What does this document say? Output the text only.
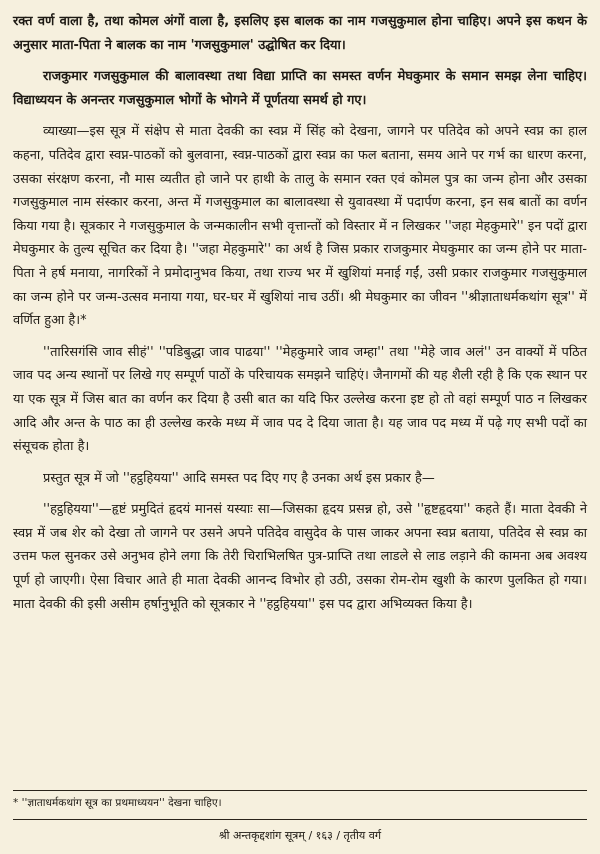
रक्त वर्ण वाला है, तथा कोमल अंगों वाला है, इसलिए इस बालक का नाम गजसुकुमाल होना चाहिए। अपने इस कथन के अनुसार माता-पिता ने बालक का नाम 'गजसुकुमाल' उद्घोषित कर दिया।

राजकुमार गजसुकुमाल की बालावस्था तथा विद्या प्राप्ति का समस्त वर्णन मेघकुमार के समान समझ लेना चाहिए। विद्याध्ययन के अनन्तर गजसुकुमाल भोगों के भोगने में पूर्णतया समर्थ हो गए।

व्याख्या—इस सूत्र में संक्षेप से माता देवकी का स्वप्न में सिंह को देखना, जागने पर पतिदेव को अपने स्वप्न का हाल कहना, पतिदेव द्वारा स्वप्न-पाठकों को बुलवाना, स्वप्न-पाठकों द्वारा स्वप्न का फल बताना, समय आने पर गर्भ का धारण करना, उसका संरक्षण करना, नौ मास व्यतीत हो जाने पर हाथी के तालु के समान रक्त एवं कोमल पुत्र का जन्म होना और उसका गजसुकुमाल नाम संस्कार करना, अन्त में गजसुकुमाल का बालावस्था से युवावस्था में पदार्पण करना, इन सब बातों का वर्णन किया गया है। सूत्रकार ने गजसुकुमाल के जन्मकालीन सभी वृत्तान्तों को विस्तार में न लिखकर ''जहा मेहकुमारे'' इन पदों द्वारा मेघकुमार के तुल्य सूचित कर दिया है। ''जहा मेहकुमारे'' का अर्थ है जिस प्रकार राजकुमार मेघकुमार का जन्म होने पर माता-पिता ने हर्ष मनाया, नागरिकों ने प्रमोदानुभव किया, तथा राज्य भर में खुशियां मनाई गईं, उसी प्रकार राजकुमार गजसुकुमाल का जन्म होने पर जन्म-उत्सव मनाया गया, घर-घर में खुशियां नाच उठीं। श्री मेघकुमार का जीवन ''श्रीज्ञाताधर्मकथांग सूत्र'' में वर्णित हुआ है।*

''तारिसगंसि जाव सीहं'' ''पडिबुद्धा जाव पाढया'' ''मेहकुमारे जाव जम्हा'' तथा ''मेहे जाव अलं'' उन वाक्यों में पठित जाव पद अन्य स्थानों पर लिखे गए सम्पूर्ण पाठों के परिचायक समझने चाहिएं। जैनागमों की यह शैली रही है कि एक स्थान पर या एक सूत्र में जिस बात का वर्णन कर दिया है उसी बात का यदि फिर उल्लेख करना इष्ट हो तो वहां सम्पूर्ण पाठ न लिखकर आदि और अन्त के पाठ का ही उल्लेख करके मध्य में जाव पद दे दिया जाता है। यह जाव पद मध्य में पढ़े गए सभी पदों का संसूचक होता है।

प्रस्तुत सूत्र में जो ''हट्ठहियया'' आदि समस्त पद दिए गए है उनका अर्थ इस प्रकार है—

''हट्ठहियया''—हृष्टं प्रमुदितं हृदयं मानसं यस्याः सा—जिसका हृदय प्रसन्न हो, उसे ''हृष्टहृदया'' कहते हैं। माता देवकी ने स्वप्न में जब शेर को देखा तो जागने पर उसने अपने पतिदेव वासुदेव के पास जाकर अपना स्वप्न बताया, पतिदेव से स्वप्न का उत्तम फल सुनकर उसे अनुभव होने लगा कि तेरी चिराभिलषित पुत्र-प्राप्ति तथा लाडले से लाड लड़ाने की कामना अब अवश्य पूर्ण हो जाएगी। ऐसा विचार आते ही माता देवकी आनन्द विभोर हो उठी, उसका रोम-रोम खुशी के कारण पुलकित हो गया। माता देवकी की इसी असीम हर्षानुभूति को सूत्रकार ने ''हट्ठहियया'' इस पद द्वारा अभिव्यक्त किया है।

* ''ज्ञाताधर्मकथांग सूत्र का प्रथमाध्ययन'' देखना चाहिए।
श्री अन्तकृद्दशांग सूत्रम् / १६३ / तृतीय वर्ग
